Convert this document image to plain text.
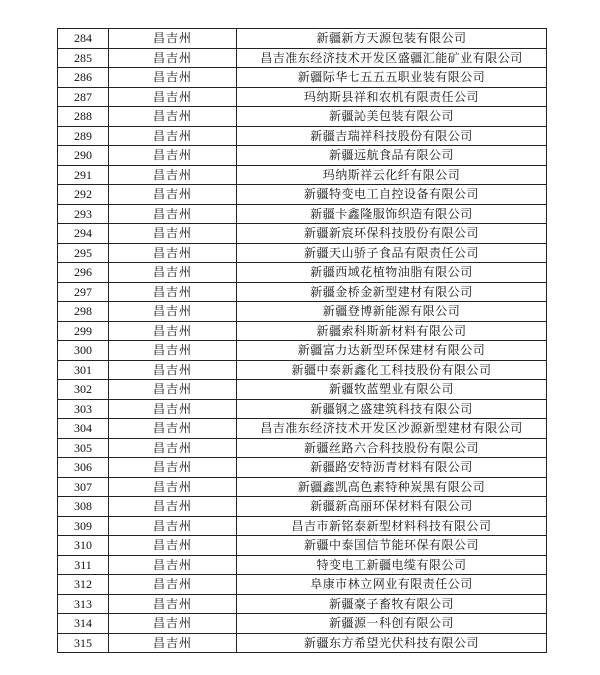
284	昌吉州	新疆新方天源包装有限公司
285	昌吉州	昌吉准东经济技术开发区盛疆汇能矿业有限公司
286	昌吉州	新疆际华七五五五职业装有限公司
287	昌吉州	玛纳斯县祥和农机有限责任公司
288	昌吉州	新疆訫美包装有限公司
289	昌吉州	新疆吉瑞祥科技股份有限公司
290	昌吉州	新疆远航食品有限公司
291	昌吉州	玛纳斯祥云化纤有限公司
292	昌吉州	新疆特变电工自控设备有限公司
293	昌吉州	新疆卡鑫隆服饰织造有限公司
294	昌吉州	新疆新宸环保科技股份有限公司
295	昌吉州	新疆天山骄子食品有限责任公司
296	昌吉州	新疆西域花植物油脂有限公司
297	昌吉州	新疆金桥金新型建材有限公司
298	昌吉州	新疆登博新能源有限公司
299	昌吉州	新疆索科斯新材料有限公司
300	昌吉州	新疆富力达新型环保建材有限公司
301	昌吉州	新疆中泰新鑫化工科技股份有限公司
302	昌吉州	新疆牧蓝塑业有限公司
303	昌吉州	新疆钢之盛建筑科技有限公司
304	昌吉州	昌吉准东经济技术开发区沙源新型建材有限公司
305	昌吉州	新疆丝路六合科技股份有限公司
306	昌吉州	新疆路安特沥青材料有限公司
307	昌吉州	新疆鑫凯高色素特种炭黑有限公司
308	昌吉州	新疆新高丽环保材料有限公司
309	昌吉州	昌吉市新铭泰新型材料科技有限公司
310	昌吉州	新疆中泰国信节能环保有限公司
311	昌吉州	特变电工新疆电缆有限公司
312	昌吉州	阜康市林立网业有限责任公司
313	昌吉州	新疆豪子畜牧有限公司
314	昌吉州	新疆源一科创有限公司
315	昌吉州	新疆东方希望光伏科技有限公司
